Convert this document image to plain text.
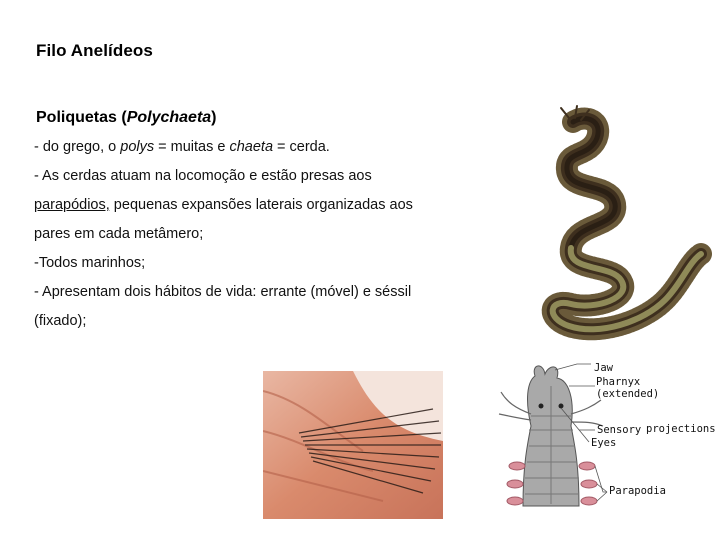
Filo Anelídeos
Poliquetas (Polychaeta)
- do grego, o polys = muitas e chaeta = cerda.
- As cerdas atuam na locomoção e estão presas aos
parapódios, pequenas expansões laterais organizadas aos
pares em cada metâmero;
-Todos marinhos;
- Apresentam dois hábitos de vida: errante (móvel) e séssil
(fixado);
Jaw
Pharnyx
(extended)
Sensory projections
Eyes
Parapodia
